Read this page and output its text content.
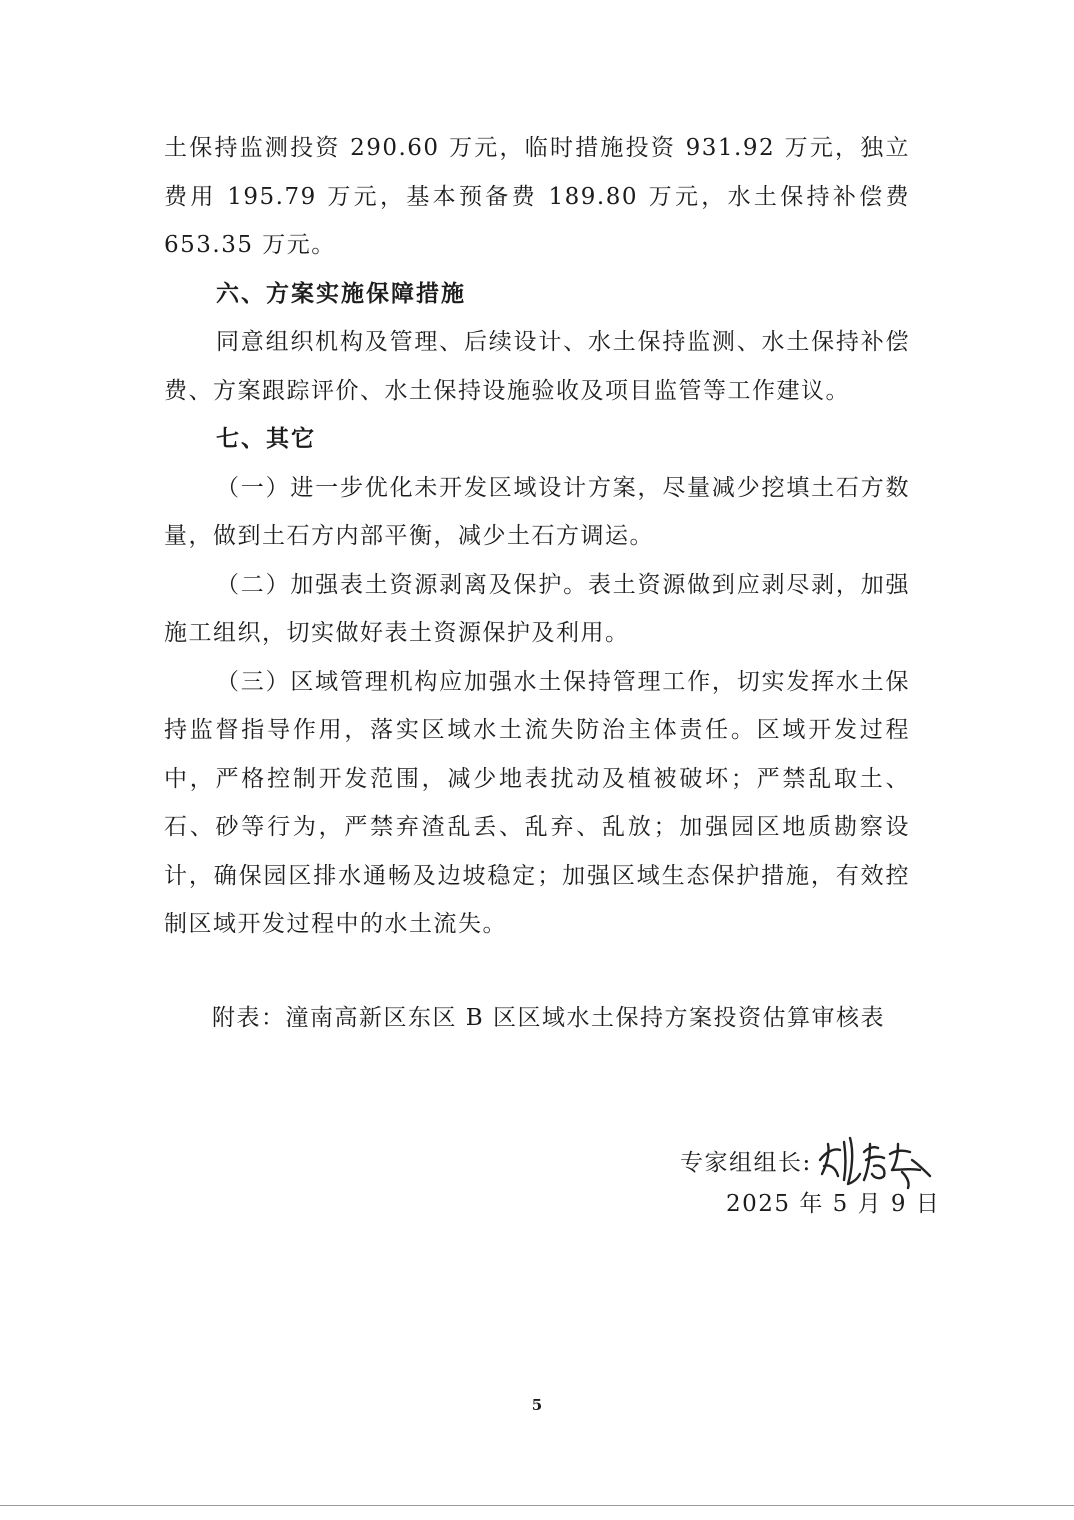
土保持监测投资 290.60 万元，临时措施投资 931.92 万元，独立费用 195.79 万元，基本预备费 189.80 万元，水土保持补偿费 653.35 万元。

六、方案实施保障措施

同意组织机构及管理、后续设计、水土保持监测、水土保持补偿费、方案跟踪评价、水土保持设施验收及项目监管等工作建议。

七、其它

（一）进一步优化未开发区域设计方案，尽量减少挖填土石方数量，做到土石方内部平衡，减少土石方调运。

（二）加强表土资源剥离及保护。表土资源做到应剥尽剥，加强施工组织，切实做好表土资源保护及利用。

（三）区域管理机构应加强水土保持管理工作，切实发挥水土保持监督指导作用，落实区域水土流失防治主体责任。区域开发过程中，严格控制开发范围，减少地表扰动及植被破坏；严禁乱取土、石、砂等行为，严禁弃渣乱丢、乱弃、乱放；加强园区地质勘察设计，确保园区排水通畅及边坡稳定；加强区域生态保护措施，有效控制区域开发过程中的水土流失。

附表：潼南高新区东区 B 区区域水土保持方案投资估算审核表
专家组组长:
2025 年 5 月 9 日
5
